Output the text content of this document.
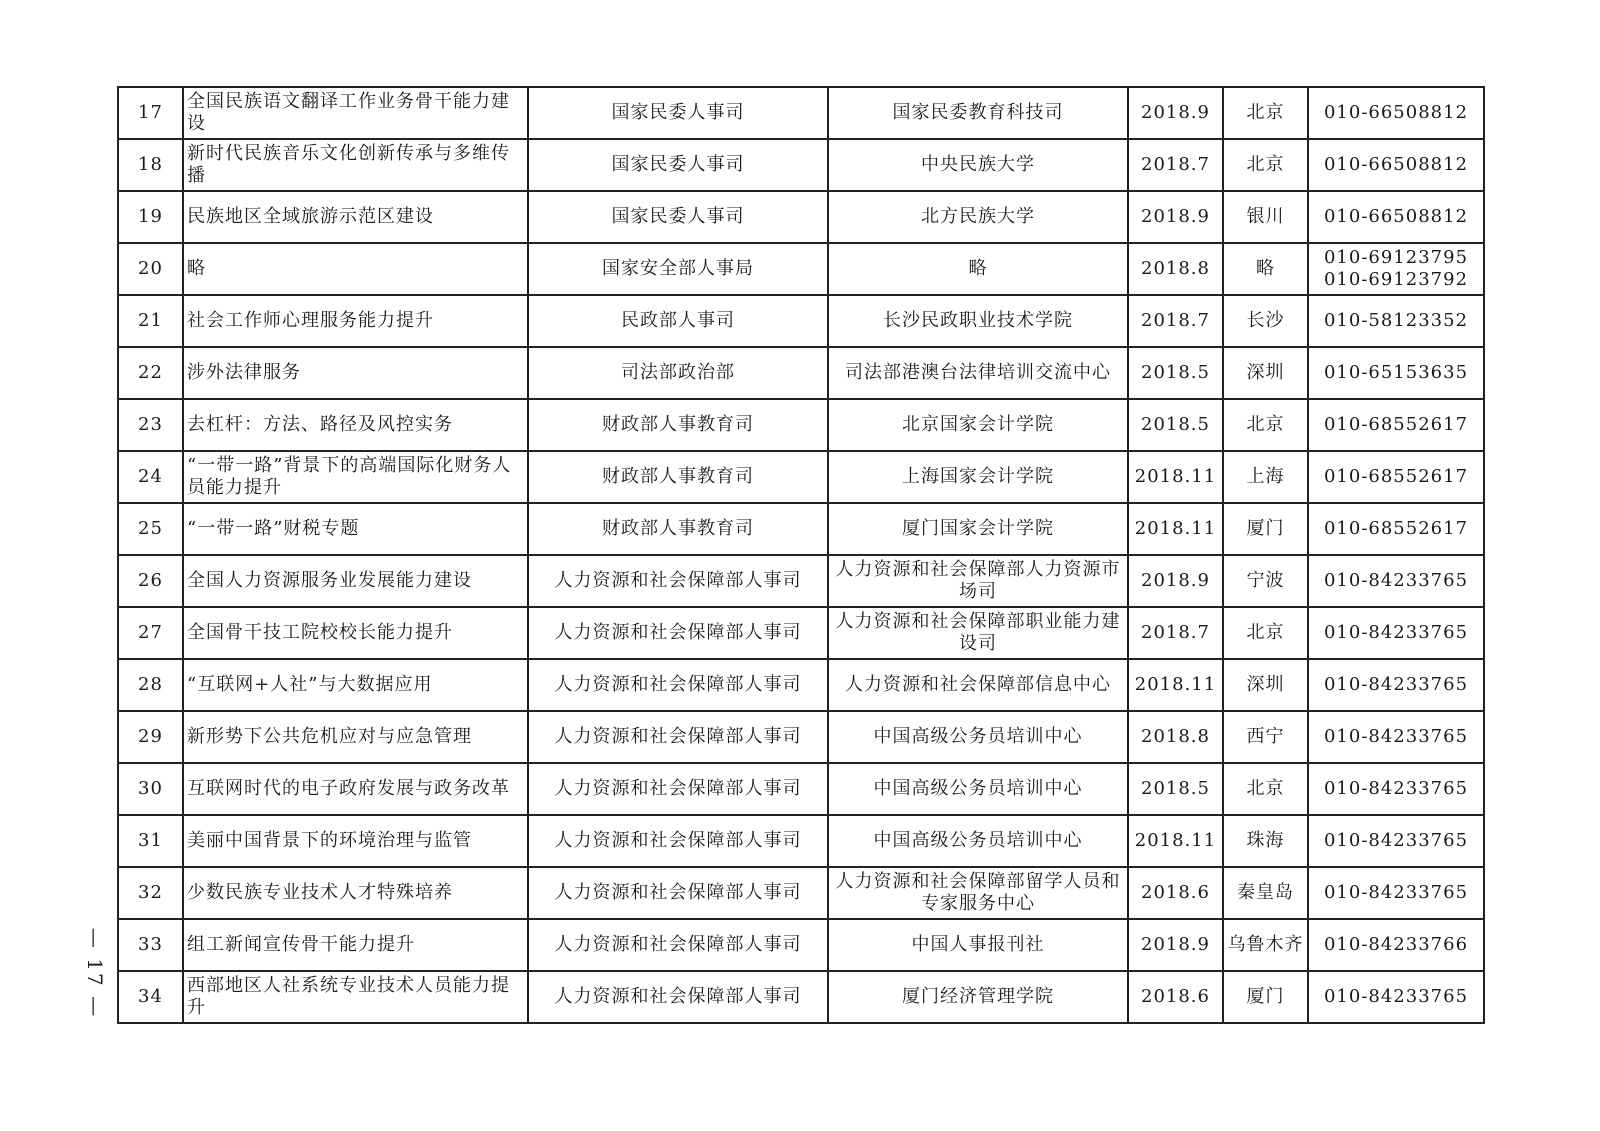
17	全国民族语文翻译工作业务骨干能力建设	国家民委人事司	国家民委教育科技司	2018.9	北京	010-66508812

18	新时代民族音乐文化创新传承与多维传播	国家民委人事司	中央民族大学	2018.7	北京	010-66508812

19	民族地区全域旅游示范区建设	国家民委人事司	北方民族大学	2018.9	银川	010-66508812

20	略	国家安全部人事局	略	2018.8	略	010-69123795
010-69123792

21	社会工作师心理服务能力提升	民政部人事司	长沙民政职业技术学院	2018.7	长沙	010-58123352

22	涉外法律服务	司法部政治部	司法部港澳台法律培训交流中心	2018.5	深圳	010-65153635

23	去杠杆：方法、路径及风控实务	财政部人事教育司	北京国家会计学院	2018.5	北京	010-68552617

24	“一带一路”背景下的高端国际化财务人员能力提升	财政部人事教育司	上海国家会计学院	2018.11	上海	010-68552617

25	“一带一路”财税专题	财政部人事教育司	厦门国家会计学院	2018.11	厦门	010-68552617

26	全国人力资源服务业发展能力建设	人力资源和社会保障部人事司	人力资源和社会保障部人力资源市场司	2018.9	宁波	010-84233765

27	全国骨干技工院校校长能力提升	人力资源和社会保障部人事司	人力资源和社会保障部职业能力建设司	2018.7	北京	010-84233765

28	“互联网+人社”与大数据应用	人力资源和社会保障部人事司	人力资源和社会保障部信息中心	2018.11	深圳	010-84233765

29	新形势下公共危机应对与应急管理	人力资源和社会保障部人事司	中国高级公务员培训中心	2018.8	西宁	010-84233765

30	互联网时代的电子政府发展与政务改革	人力资源和社会保障部人事司	中国高级公务员培训中心	2018.5	北京	010-84233765

31	美丽中国背景下的环境治理与监管	人力资源和社会保障部人事司	中国高级公务员培训中心	2018.11	珠海	010-84233765

32	少数民族专业技术人才特殊培养	人力资源和社会保障部人事司	人力资源和社会保障部留学人员和专家服务中心	2018.6	秦皇岛	010-84233765

33	组工新闻宣传骨干能力提升	人力资源和社会保障部人事司	中国人事报刊社	2018.9	乌鲁木齐	010-84233766

34	西部地区人社系统专业技术人员能力提升	人力资源和社会保障部人事司	厦门经济管理学院	2018.6	厦门	010-84233765
— 17 —
